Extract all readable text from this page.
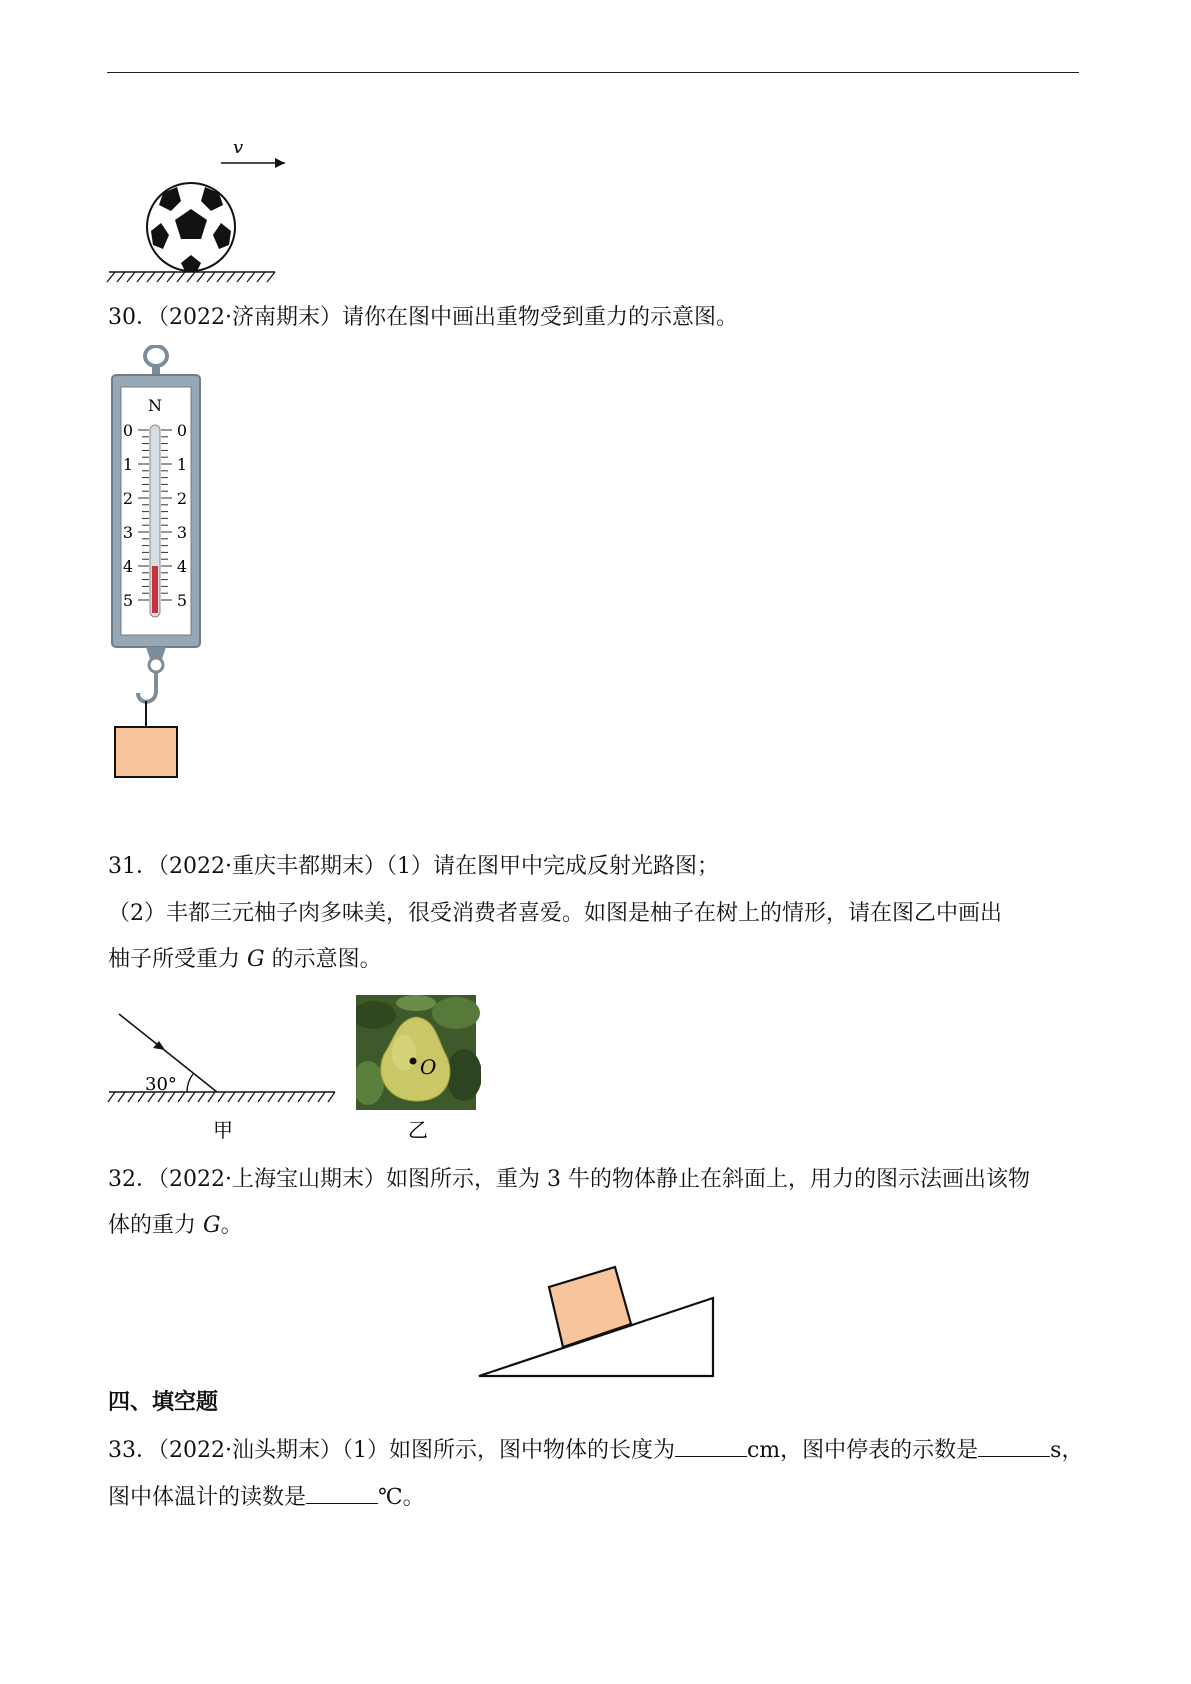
v
30．（2022·济南期末）请你在图中画出重物受到重力的示意图。
N
0
1
2
3
4
5
0
1
2
3
4
5
31．（2022·重庆丰都期末）（1）请在图甲中完成反射光路图；
（2）丰都三元柚子肉多味美，很受消费者喜爱。如图是柚子在树上的情形，请在图乙中画出
柚子所受重力 G 的示意图。
30°
甲
O
乙
32．（2022·上海宝山期末）如图所示，重为 3 牛的物体静止在斜面上，用力的图示法画出该物
体的重力 G。
四、填空题
33．（2022·汕头期末）（1）如图所示，图中物体的长度为	cm，图中停表的示数是	s，
图中体温计的读数是	℃。
